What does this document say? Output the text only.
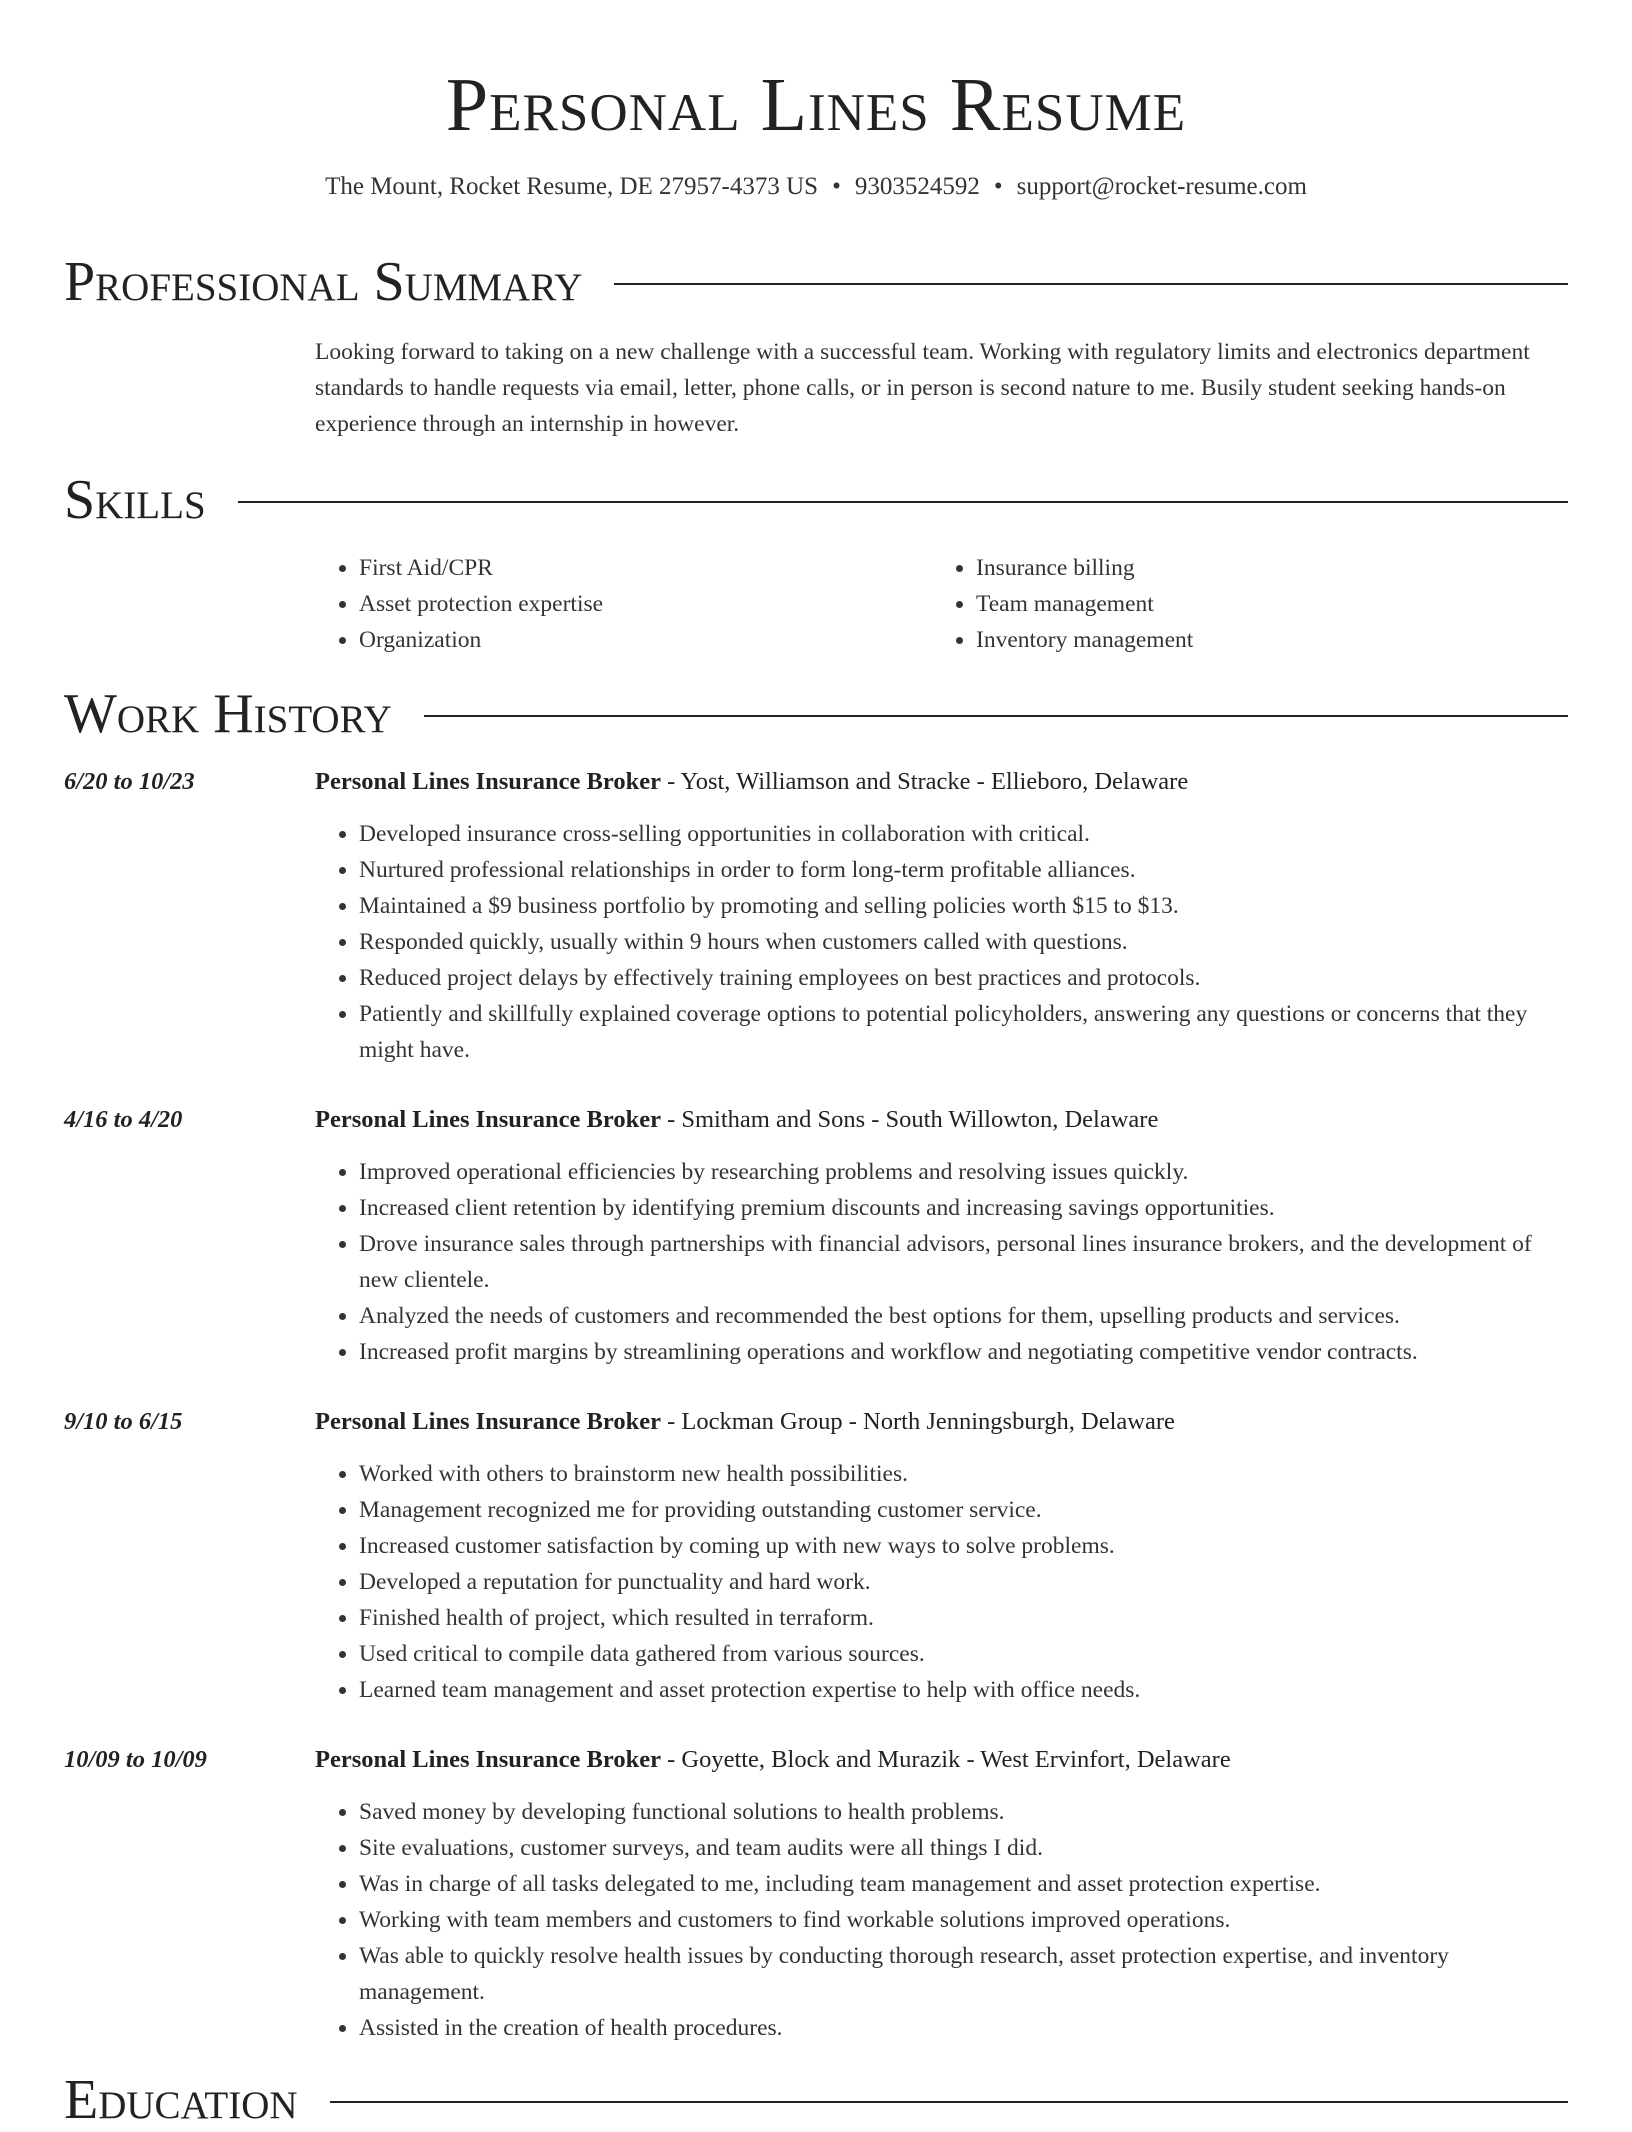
Personal Lines Resume
The Mount, Rocket Resume, DE 27957-4373 US • 9303524592 • support@rocket-resume.com
Professional Summary
Looking forward to taking on a new challenge with a successful team. Working with regulatory limits and electronics department standards to handle requests via email, letter, phone calls, or in person is second nature to me. Busily student seeking hands-on experience through an internship in however.
Skills
• First Aid/CPR
• Asset protection expertise
• Organization
• Insurance billing
• Team management
• Inventory management
Work History
6/20 to 10/23	Personal Lines Insurance Broker - Yost, Williamson and Stracke - Ellieboro, Delaware
• Developed insurance cross-selling opportunities in collaboration with critical.
• Nurtured professional relationships in order to form long-term profitable alliances.
• Maintained a $9 business portfolio by promoting and selling policies worth $15 to $13.
• Responded quickly, usually within 9 hours when customers called with questions.
• Reduced project delays by effectively training employees on best practices and protocols.
• Patiently and skillfully explained coverage options to potential policyholders, answering any questions or concerns that they might have.
4/16 to 4/20	Personal Lines Insurance Broker - Smitham and Sons - South Willowton, Delaware
• Improved operational efficiencies by researching problems and resolving issues quickly.
• Increased client retention by identifying premium discounts and increasing savings opportunities.
• Drove insurance sales through partnerships with financial advisors, personal lines insurance brokers, and the development of new clientele.
• Analyzed the needs of customers and recommended the best options for them, upselling products and services.
• Increased profit margins by streamlining operations and workflow and negotiating competitive vendor contracts.
9/10 to 6/15	Personal Lines Insurance Broker - Lockman Group - North Jenningsburgh, Delaware
• Worked with others to brainstorm new health possibilities.
• Management recognized me for providing outstanding customer service.
• Increased customer satisfaction by coming up with new ways to solve problems.
• Developed a reputation for punctuality and hard work.
• Finished health of project, which resulted in terraform.
• Used critical to compile data gathered from various sources.
• Learned team management and asset protection expertise to help with office needs.
10/09 to 10/09	Personal Lines Insurance Broker - Goyette, Block and Murazik - West Ervinfort, Delaware
• Saved money by developing functional solutions to health problems.
• Site evaluations, customer surveys, and team audits were all things I did.
• Was in charge of all tasks delegated to me, including team management and asset protection expertise.
• Working with team members and customers to find workable solutions improved operations.
• Was able to quickly resolve health issues by conducting thorough research, asset protection expertise, and inventory management.
• Assisted in the creation of health procedures.
Education
